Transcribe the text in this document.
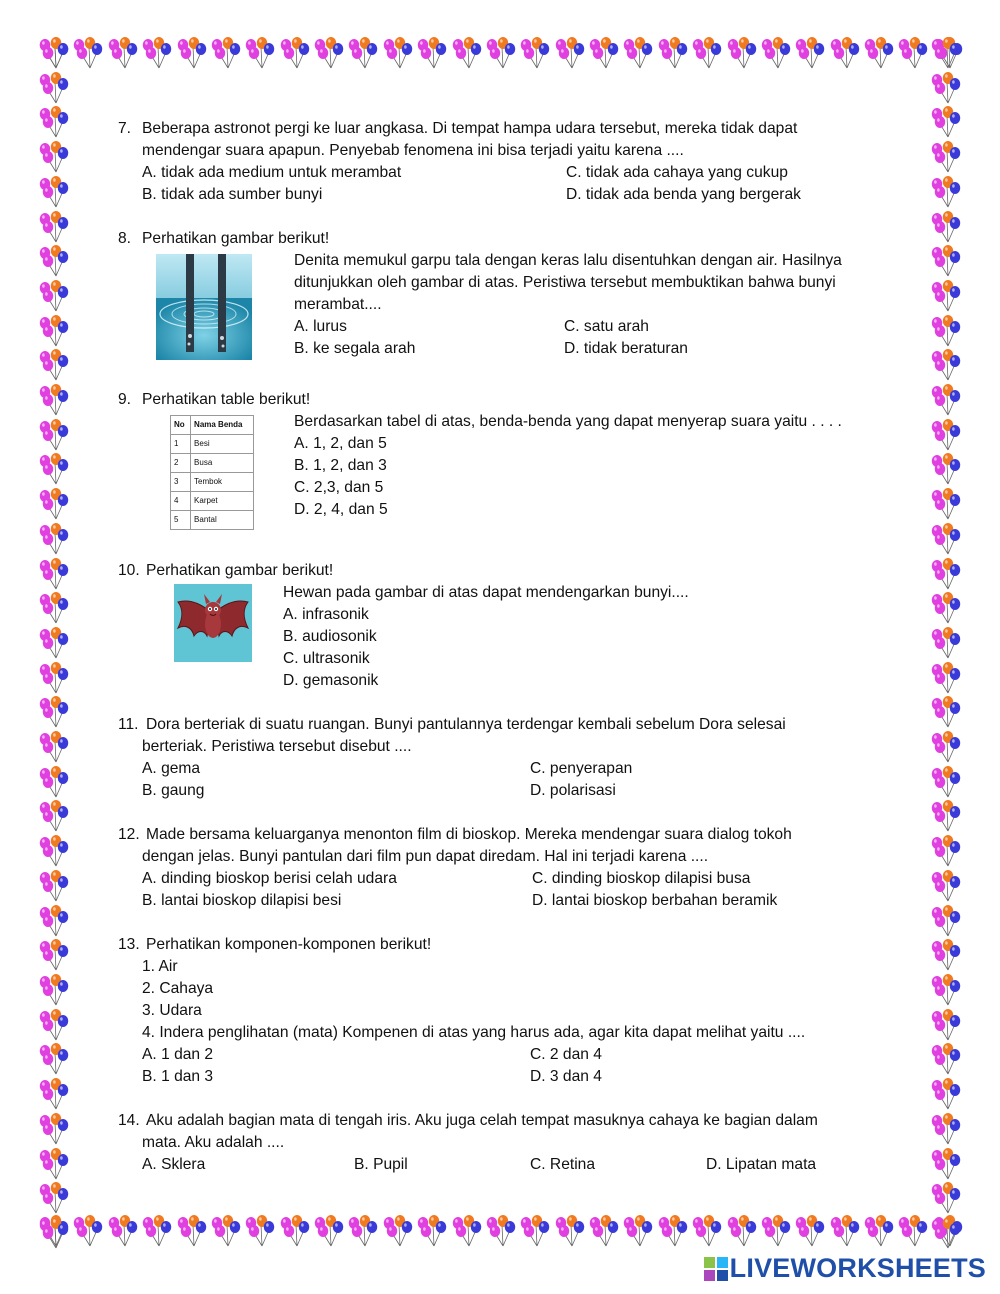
7. Beberapa astronot pergi ke luar angkasa. Di tempat hampa udara tersebut, mereka tidak dapat
mendengar suara apapun. Penyebab fenomena ini bisa terjadi yaitu karena ....
A. tidak ada medium untuk merambat	C. tidak ada cahaya yang cukup
B. tidak ada sumber bunyi	D. tidak ada benda yang bergerak
8. Perhatikan gambar berikut!
Denita memukul garpu tala dengan keras lalu disentuhkan dengan air. Hasilnya
ditunjukkan oleh gambar di atas. Peristiwa tersebut membuktikan bahwa bunyi
merambat....
A. lurus	C. satu arah
B. ke segala arah	D. tidak beraturan
9. Perhatikan table berikut!
No	Nama Benda
1	Besi
2	Busa
3	Tembok
4	Karpet
5	Bantal
Berdasarkan tabel di atas, benda-benda yang dapat menyerap suara yaitu . . . .
A. 1, 2, dan 5
B. 1, 2, dan 3
C. 2,3, dan 5
D. 2, 4, dan 5
10. Perhatikan gambar berikut!
Hewan pada gambar di atas dapat mendengarkan bunyi....
A. infrasonik
B. audiosonik
C. ultrasonik
D. gemasonik
11. Dora berteriak di suatu ruangan. Bunyi pantulannya terdengar kembali sebelum Dora selesai
berteriak. Peristiwa tersebut disebut ....
A. gema	C. penyerapan
B. gaung	D. polarisasi
12. Made bersama keluarganya menonton film di bioskop. Mereka mendengar suara dialog tokoh
dengan jelas. Bunyi pantulan dari film pun dapat diredam. Hal ini terjadi karena ....
A. dinding bioskop berisi celah udara	C. dinding bioskop dilapisi busa
B. lantai bioskop dilapisi besi	D. lantai bioskop berbahan beramik
13. Perhatikan komponen-komponen berikut!
1. Air
2. Cahaya
3. Udara
4. Indera penglihatan (mata) Kompenen di atas yang harus ada, agar kita dapat melihat yaitu ....
A. 1 dan 2	C. 2 dan 4
B. 1 dan 3	D. 3 dan 4
14. Aku adalah bagian mata di tengah iris. Aku juga celah tempat masuknya cahaya ke bagian dalam
mata. Aku adalah ....
A. Sklera	B. Pupil	C. Retina	D. Lipatan mata
LIVEWORKSHEETS
